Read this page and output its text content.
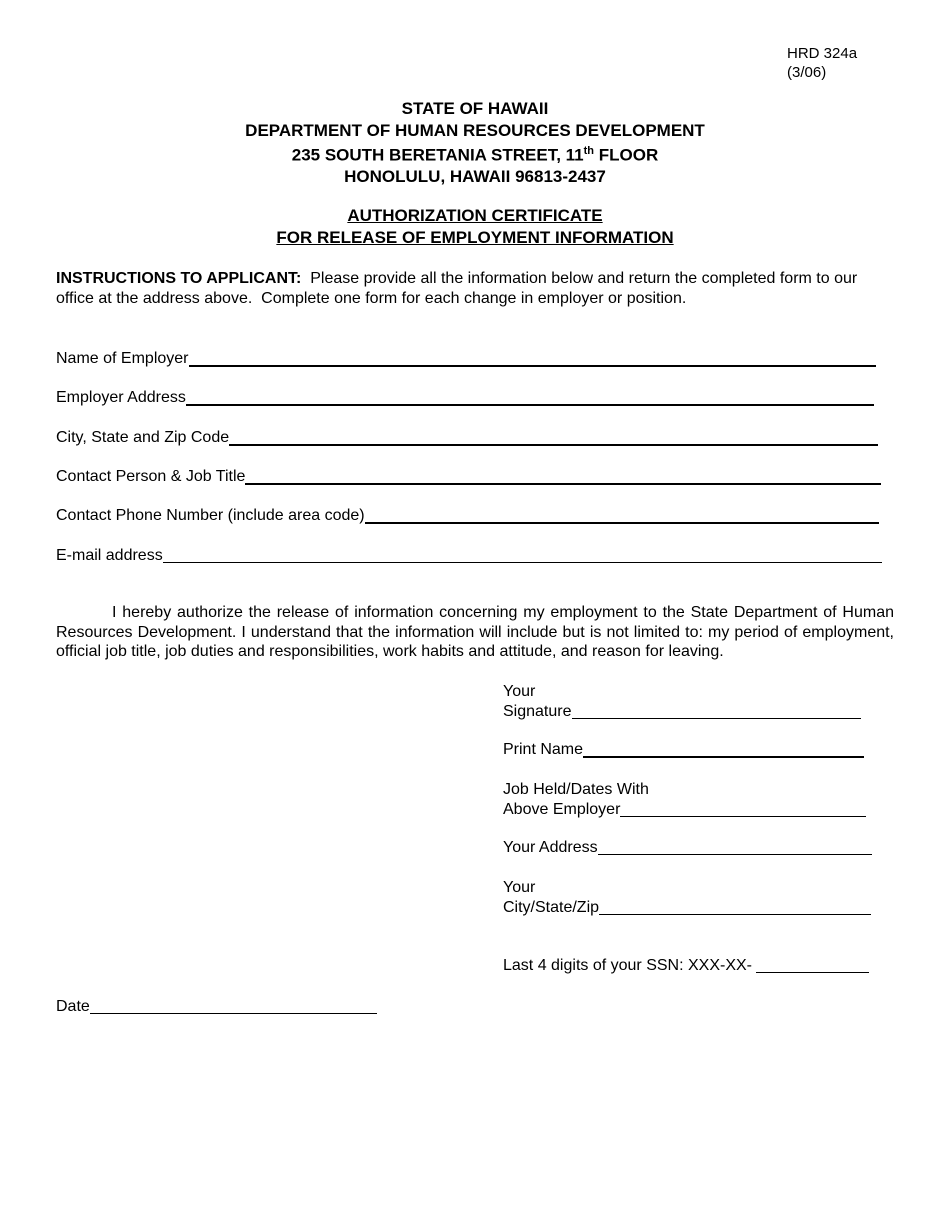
HRD 324a
(3/06)
STATE OF HAWAII
DEPARTMENT OF HUMAN RESOURCES DEVELOPMENT
235 SOUTH BERETANIA STREET, 11th FLOOR
HONOLULU, HAWAII 96813-2437
AUTHORIZATION CERTIFICATE
FOR RELEASE OF EMPLOYMENT INFORMATION
INSTRUCTIONS TO APPLICANT:  Please provide all the information below and return the completed form to our office at the address above.  Complete one form for each change in employer or position.
Name of Employer
Employer Address
City, State and Zip Code
Contact Person & Job Title
Contact Phone Number (include area code)
E-mail address
I hereby authorize the release of information concerning my employment to the State Department of Human Resources Development. I understand that the information will include but is not limited to: my period of employment, official job title, job duties and responsibilities, work habits and attitude, and reason for leaving.
Your
Signature
Print Name
Job Held/Dates With
Above Employer
Your Address
Your
City/State/Zip
Last 4 digits of your SSN: XXX-XX-
Date
